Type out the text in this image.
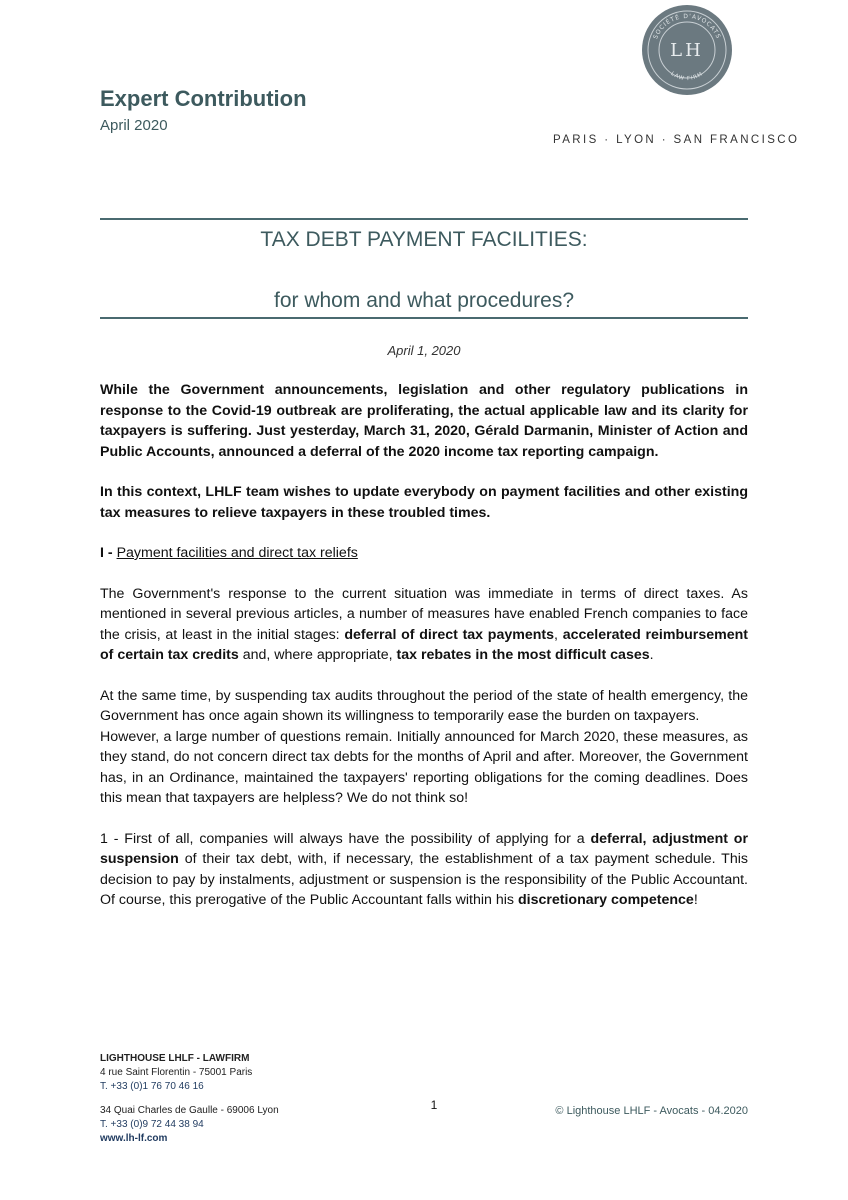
SOCIÉTÉ D'AVOCATS
LAW FIRM
LH
Expert Contribution
April 2020
PARIS · LYON · SAN FRANCISCO
TAX DEBT PAYMENT FACILITIES:
for whom and what procedures?
April 1, 2020

While the Government announcements, legislation and other regulatory publications in response to the Covid-19 outbreak are proliferating, the actual applicable law and its clarity for taxpayers is suffering. Just yesterday, March 31, 2020, Gérald Darmanin, Minister of Action and Public Accounts, announced a deferral of the 2020 income tax reporting campaign.

In this context, LHLF team wishes to update everybody on payment facilities and other existing tax measures to relieve taxpayers in these troubled times.

I - Payment facilities and direct tax reliefs

The Government's response to the current situation was immediate in terms of direct taxes. As mentioned in several previous articles, a number of measures have enabled French companies to face the crisis, at least in the initial stages: deferral of direct tax payments, accelerated reimbursement of certain tax credits and, where appropriate, tax rebates in the most difficult cases.

At the same time, by suspending tax audits throughout the period of the state of health emergency, the Government has once again shown its willingness to temporarily ease the burden on taxpayers.

However, a large number of questions remain. Initially announced for March 2020, these measures, as they stand, do not concern direct tax debts for the months of April and after. Moreover, the Government has, in an Ordinance, maintained the taxpayers' reporting obligations for the coming deadlines. Does this mean that taxpayers are helpless? We do not think so!

1 - First of all, companies will always have the possibility of applying for a deferral, adjustment or suspension of their tax debt, with, if necessary, the establishment of a tax payment schedule. This decision to pay by instalments, adjustment or suspension is the responsibility of the Public Accountant. Of course, this prerogative of the Public Accountant falls within his discretionary competence!

LIGHTHOUSE LHLF - LAWFIRM
4 rue Saint Florentin - 75001 Paris
T. +33 (0)1 76 70 46 16
34 Quai Charles de Gaulle - 69006 Lyon
T. +33 (0)9 72 44 38 94
www.lh-lf.com
1	© Lighthouse LHLF - Avocats - 04.2020
